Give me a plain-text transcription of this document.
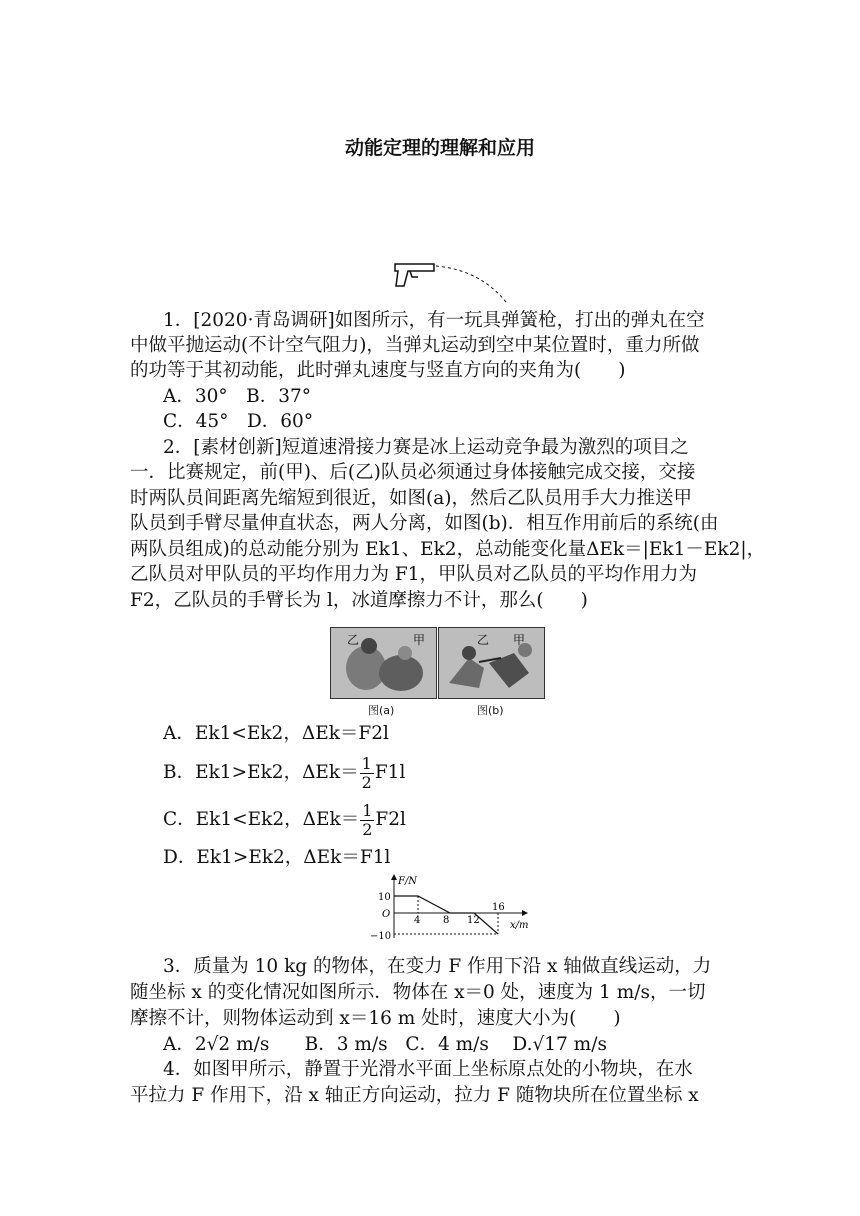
动能定理的理解和应用
1．[2020·青岛调研]如图所示，有一玩具弹簧枪，打出的弹丸在空
中做平抛运动(不计空气阻力)，当弹丸运动到空中某位置时，重力所做
的功等于其初动能，此时弹丸速度与竖直方向的夹角为(　　)
A．30°　B．37°
C．45°　D．60°
2．[素材创新]短道速滑接力赛是冰上运动竞争最为激烈的项目之
一．比赛规定，前(甲)、后(乙)队员必须通过身体接触完成交接，交接
时两队员间距离先缩短到很近，如图(a)，然后乙队员用手大力推送甲
队员到手臂尽量伸直状态，两人分离，如图(b)．相互作用前后的系统(由
两队员组成)的总动能分别为 Ek1、Ek2，总动能变化量ΔEk＝|Ek1－Ek2|，
乙队员对甲队员的平均作用力为 F1，甲队员对乙队员的平均作用力为
F2，乙队员的手臂长为 l，冰道摩擦力不计，那么(　　)
乙	甲	乙 甲
图(a)	图(b)
A．Ek1<Ek2，ΔEk＝F2l
B．Ek1>Ek2，$\Delta Ek= \frac{1}{2} F1l$
C．Ek1<Ek2，$\Delta Ek= \frac{1}{2} F2l$
D．Ek1>Ek2，ΔEk＝F1l
F/N
x/m
10
O
−10
4 8 12
16
3．质量为 10 kg 的物体，在变力 F 作用下沿 x 轴做直线运动，力
随坐标 x 的变化情况如图所示．物体在 x＝0 处，速度为 1 m/s，一切
摩擦不计，则物体运动到 x＝16 m 处时，速度大小为(　　)
A．2√2 m/s B．3 m/s C．4 m/s D.√17 m/s
4．如图甲所示，静置于光滑水平面上坐标原点处的小物块，在水
平拉力 F 作用下，沿 x 轴正方向运动，拉力 F 随物块所在位置坐标 x
